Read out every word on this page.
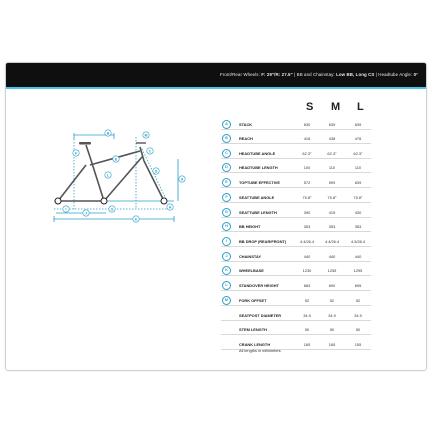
Front/Rear Wheels: F: 29"/R: 27.5" | BB and Chainstay: Low BB, Long CS | Headtube Angle: 0°
F
B	M
E
C
A
D
L
I
J
G
K
H
S M L
A	STACK	630	639	639
B	REACH	418	438	478
C	HEADTUBE ANGLE	62.3°	62.3°	62.3°
D	HEADTUBE LENGTH	100	110	110
E	TOPTUBE EFFECTIVE	572	599	639
F	SEATTUBE ANGLE	75.8°	75.8°	75.8°
G	SEATTUBE LENGTH	390	415	430
H	BB HEIGHT	353	353	353
I	BB DROP (REAR/FRONT)	4.4/26.4	4.4/26.4	4.5/26.4
J	CHAINSTAY	440	440	440
K	WHEELBASE	1230	1255	1295
L	STANDOVER HEIGHT	683	690	695
M	FORK OFFSET	52	52	52
SEATPOST DIAMETER	34.9	34.9	34.9
STEM LENGTH	50	50	50
CRANK LENGTH	165	165	155
All lengths in millimeters
